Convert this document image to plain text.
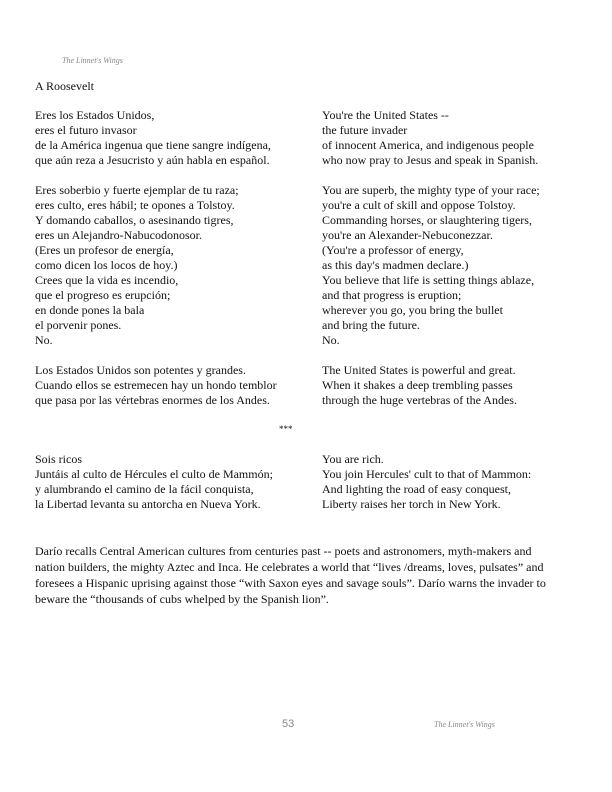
The Linnet's Wings
A Roosevelt
Eres los Estados Unidos,
eres el futuro invasor
de la América ingenua que tiene sangre indígena,
que aún reza a Jesucristo y aún habla en español.
Eres soberbio y fuerte ejemplar de tu raza;
eres culto, eres hábil; te opones a Tolstoy.
Y domando caballos, o asesinando tigres,
eres un Alejandro-Nabucodonosor.
(Eres un profesor de energía,
como dicen los locos de hoy.)
Crees que la vida es incendio,
que el progreso es erupción;
en donde pones la bala
el porvenir pones.
No.
Los Estados Unidos son potentes y grandes.
Cuando ellos se estremecen hay un hondo temblor
que pasa por las vértebras enormes de los Andes.
You're the United States --
the future invader
of innocent America, and indigenous people
who now pray to Jesus and speak in Spanish.
You are superb, the mighty type of your race;
you're a cult of skill and oppose Tolstoy.
Commanding horses, or slaughtering tigers,
you're an Alexander-Nebuconezzar.
(You're a professor of energy,
as this day's madmen declare.)
You believe that life is setting things ablaze,
and that progress is eruption;
wherever you go, you bring the bullet
and bring the future.
No.
The United States is powerful and great.
When it shakes a deep trembling passes
through the huge vertebras of the Andes.
***
Sois ricos
Juntáis al culto de Hércules el culto de Mammón;
y alumbrando el camino de la fácil conquista,
la Libertad levanta su antorcha en Nueva York.
You are rich.
You join Hercules' cult to that of Mammon:
And lighting the road of easy conquest,
Liberty raises her torch in New York.
Darío recalls Central American cultures from centuries past -- poets and astronomers, myth-makers and nation builders, the mighty Aztec and Inca. He celebrates a world that “lives /dreams, loves, pulsates” and foresees a Hispanic uprising against those “with Saxon eyes and savage souls”. Darío warns the invader to beware the “thousands of cubs whelped by the Spanish lion”.
53	The Linnet's Wings
